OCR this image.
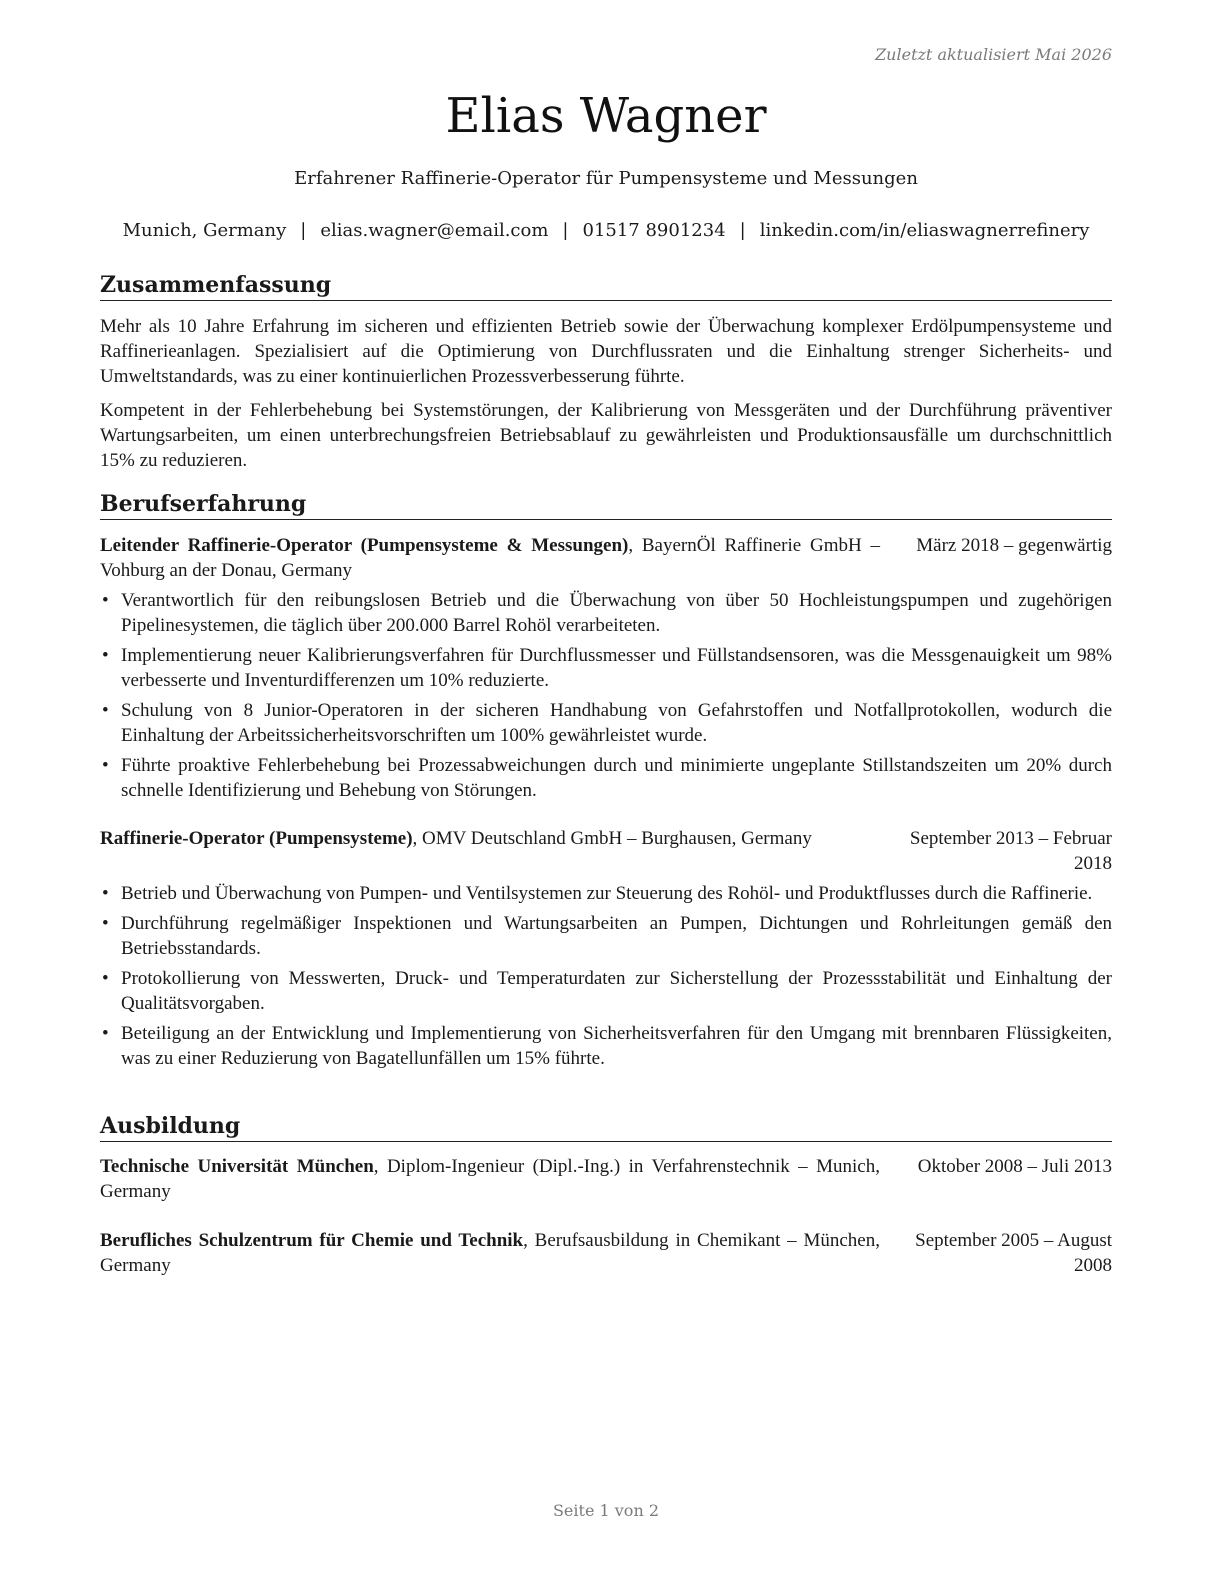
Zuletzt aktualisiert Mai 2026
Elias Wagner
Erfahrener Raffinerie-Operator für Pumpensysteme und Messungen
Munich, Germany | elias.wagner@email.com | 01517 8901234 | linkedin.com/in/eliaswagnerrefinery
Zusammenfassung

Mehr als 10 Jahre Erfahrung im sicheren und effizienten Betrieb sowie der Überwachung komplexer Erdölpumpensysteme und Raffinerieanlagen. Spezialisiert auf die Optimierung von Durchflussraten und die Einhaltung strenger Sicherheits- und Umweltstandards, was zu einer kontinuierlichen Prozessverbesserung führte.

Kompetent in der Fehlerbehebung bei Systemstörungen, der Kalibrierung von Messgeräten und der Durchführung präventiver Wartungsarbeiten, um einen unterbrechungsfreien Betriebsablauf zu gewährleisten und Produktionsausfälle um durchschnittlich 15% zu reduzieren.

Berufserfahrung
Leitender Raffinerie-Operator (Pumpensysteme & Messungen), BayernÖl Raffinerie GmbH – Vohburg an der Donau, Germany
März 2018 – gegenwärtig
• Verantwortlich für den reibungslosen Betrieb und die Überwachung von über 50 Hochleistungspumpen und zugehörigen Pipelinesystemen, die täglich über 200.000 Barrel Rohöl verarbeiteten.
• Implementierung neuer Kalibrierungsverfahren für Durchflussmesser und Füllstandsensoren, was die Messgenauigkeit um 98% verbesserte und Inventurdifferenzen um 10% reduzierte.
• Schulung von 8 Junior-Operatoren in der sicheren Handhabung von Gefahrstoffen und Notfallprotokollen, wodurch die Einhaltung der Arbeitssicherheitsvorschriften um 100% gewährleistet wurde.
• Führte proaktive Fehlerbehebung bei Prozessabweichungen durch und minimierte ungeplante Stillstandszeiten um 20% durch schnelle Identifizierung und Behebung von Störungen.
Raffinerie-Operator (Pumpensysteme), OMV Deutschland GmbH – Burghausen, Germany	September 2013 – Februar 2018
• Betrieb und Überwachung von Pumpen- und Ventilsystemen zur Steuerung des Rohöl- und Produktflusses durch die Raffinerie.
• Durchführung regelmäßiger Inspektionen und Wartungsarbeiten an Pumpen, Dichtungen und Rohrleitungen gemäß den Betriebsstandards.
• Protokollierung von Messwerten, Druck- und Temperaturdaten zur Sicherstellung der Prozessstabilität und Einhaltung der Qualitätsvorgaben.
• Beteiligung an der Entwicklung und Implementierung von Sicherheitsverfahren für den Umgang mit brennbaren Flüssigkeiten, was zu einer Reduzierung von Bagatellunfällen um 15% führte.
Ausbildung
Technische Universität München, Diplom-Ingenieur (Dipl.-Ing.) in Verfahrenstechnik – Munich, Germany
Oktober 2008 – Juli 2013
Berufliches Schulzentrum für Chemie und Technik, Berufsausbildung in Chemikant – München, Germany
September 2005 – August 2008
Seite 1 von 2
